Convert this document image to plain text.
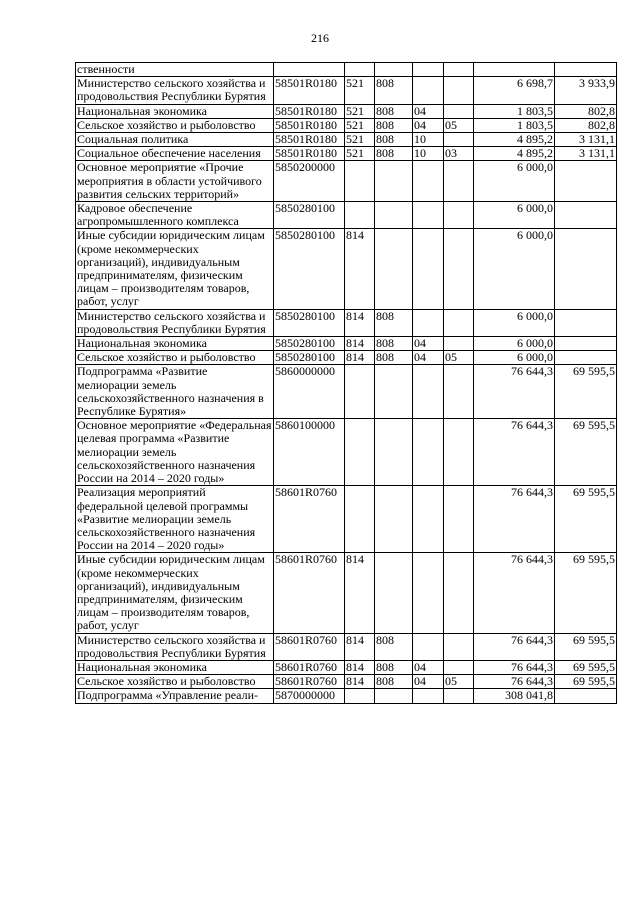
216
ственности							
Министерство сельского хозяйства и продовольствия Республики Бурятия	58501R0180	521	808			6 698,7	3 933,9
Национальная экономика	58501R0180	521	808	04		1 803,5	802,8
Сельское хозяйство и рыболовство	58501R0180	521	808	04	05	1 803,5	802,8
Социальная политика	58501R0180	521	808	10		4 895,2	3 131,1
Социальное обеспечение населения	58501R0180	521	808	10	03	4 895,2	3 131,1
Основное мероприятие «Прочие мероприятия в области устойчивого развития сельских территорий»	5850200000					6 000,0	
Кадровое обеспечение агропромышленного комплекса	5850280100					6 000,0	
Иные субсидии юридическим лицам (кроме некоммерческих организаций), индивидуальным предпринимателям, физическим лицам – производителям товаров, работ, услуг	5850280100	814				6 000,0	
Министерство сельского хозяйства и продовольствия Республики Бурятия	5850280100	814	808			6 000,0	
Национальная экономика	5850280100	814	808	04		6 000,0	
Сельское хозяйство и рыболовство	5850280100	814	808	04	05	6 000,0	
Подпрограмма «Развитие мелиорации земель сельскохозяйственного назначения в Республике Бурятия»	5860000000					76 644,3	69 595,5
Основное мероприятие «Федеральная целевая программа «Развитие мелиорации земель сельскохозяйственного назначения России на 2014 – 2020 годы»	5860100000					76 644,3	69 595,5
Реализация мероприятий федеральной целевой программы «Развитие мелиорации земель сельскохозяйственного назначения России на 2014 – 2020 годы»	58601R0760					76 644,3	69 595,5
Иные субсидии юридическим лицам (кроме некоммерческих организаций), индивидуальным предпринимателям, физическим лицам – производителям товаров, работ, услуг	58601R0760	814				76 644,3	69 595,5
Министерство сельского хозяйства и продовольствия Республики Бурятия	58601R0760	814	808			76 644,3	69 595,5
Национальная экономика	58601R0760	814	808	04		76 644,3	69 595,5
Сельское хозяйство и рыболовство	58601R0760	814	808	04	05	76 644,3	69 595,5
Подпрограмма «Управление реали-	5870000000					308 041,8	
